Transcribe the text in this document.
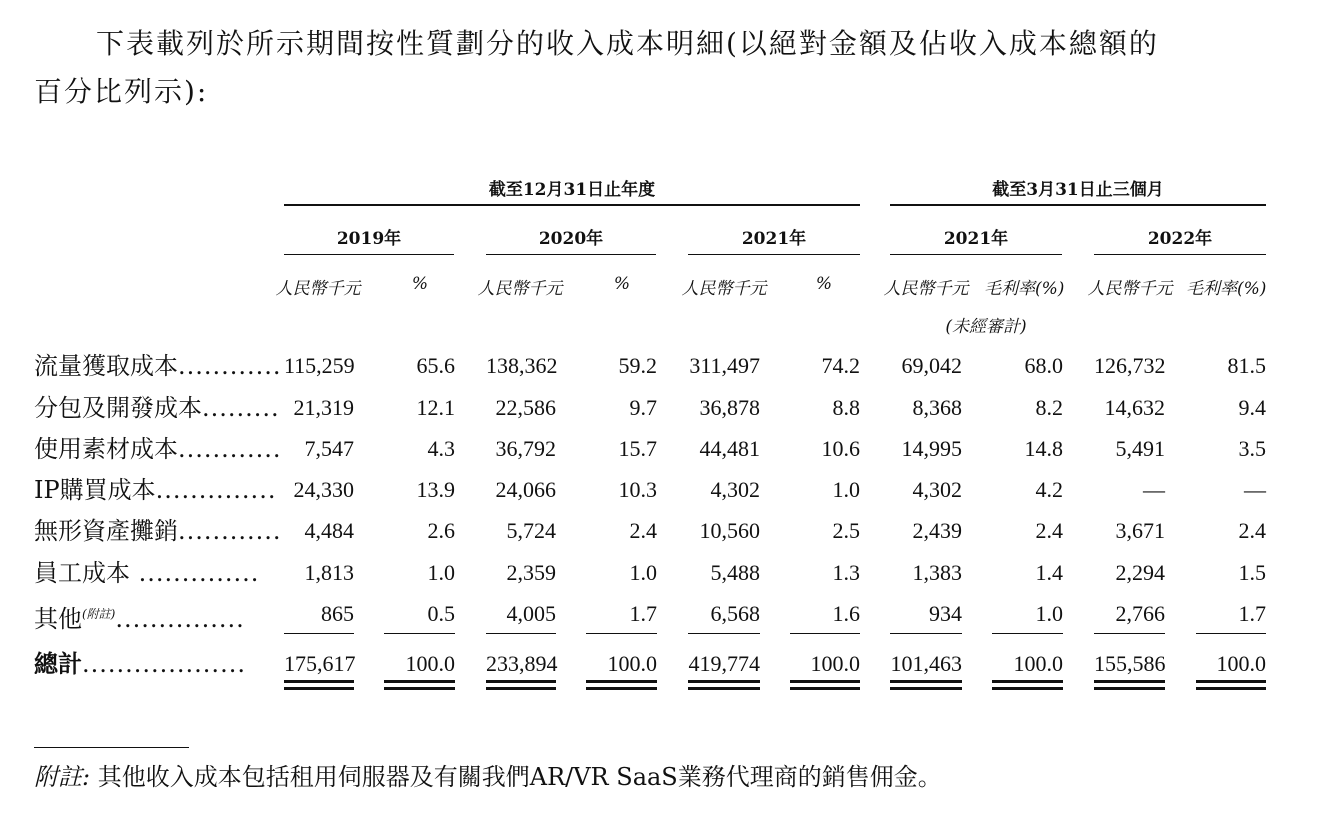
下表載列於所示期間按性質劃分的收入成本明細(以絕對金額及佔收入成本總額的
百分比列示):
截至12月31日止年度	截至3月31日止三個月
2019年	2020年	2021年	2021年	2022年
人民幣千元	%	人民幣千元	%	人民幣千元	%	人民幣千元 毛利率(%)	人民幣千元 毛利率(%)
(未經審計)
流量獲取成本............ 115,259	65.6 138,362	59.2 311,497	74.2	69,042	68.0 126,732	81.5
分包及開發成本......... 21,319	12.1	22,586	9.7	36,878	8.8	8,368	8.2	14,632	9.4
使用素材成本............	7,547	4.3	36,792	15.7	44,481	10.6	14,995	14.8	5,491	3.5
IP購買成本.............. 24,330	13.9	24,066	10.3	4,302	1.0	4,302	4.2	—	—
無形資產攤銷............	4,484	2.6	5,724	2.4	10,560	2.5	2,439	2.4	3,671	2.4
員工成本 ..............	1,813	1.0	2,359	1.0	5,488	1.3	1,383	1.4	2,294	1.5
其他$^{(附註)}$...............	865	0.5	4,005	1.7	6,568	1.6	934	1.0	2,766	1.7
總計................... 175,617	100.0 233,894	100.0 419,774	100.0 101,463	100.0 155,586	100.0
附註: 其他收入成本包括租用伺服器及有關我們AR/VR SaaS業務代理商的銷售佣金。
